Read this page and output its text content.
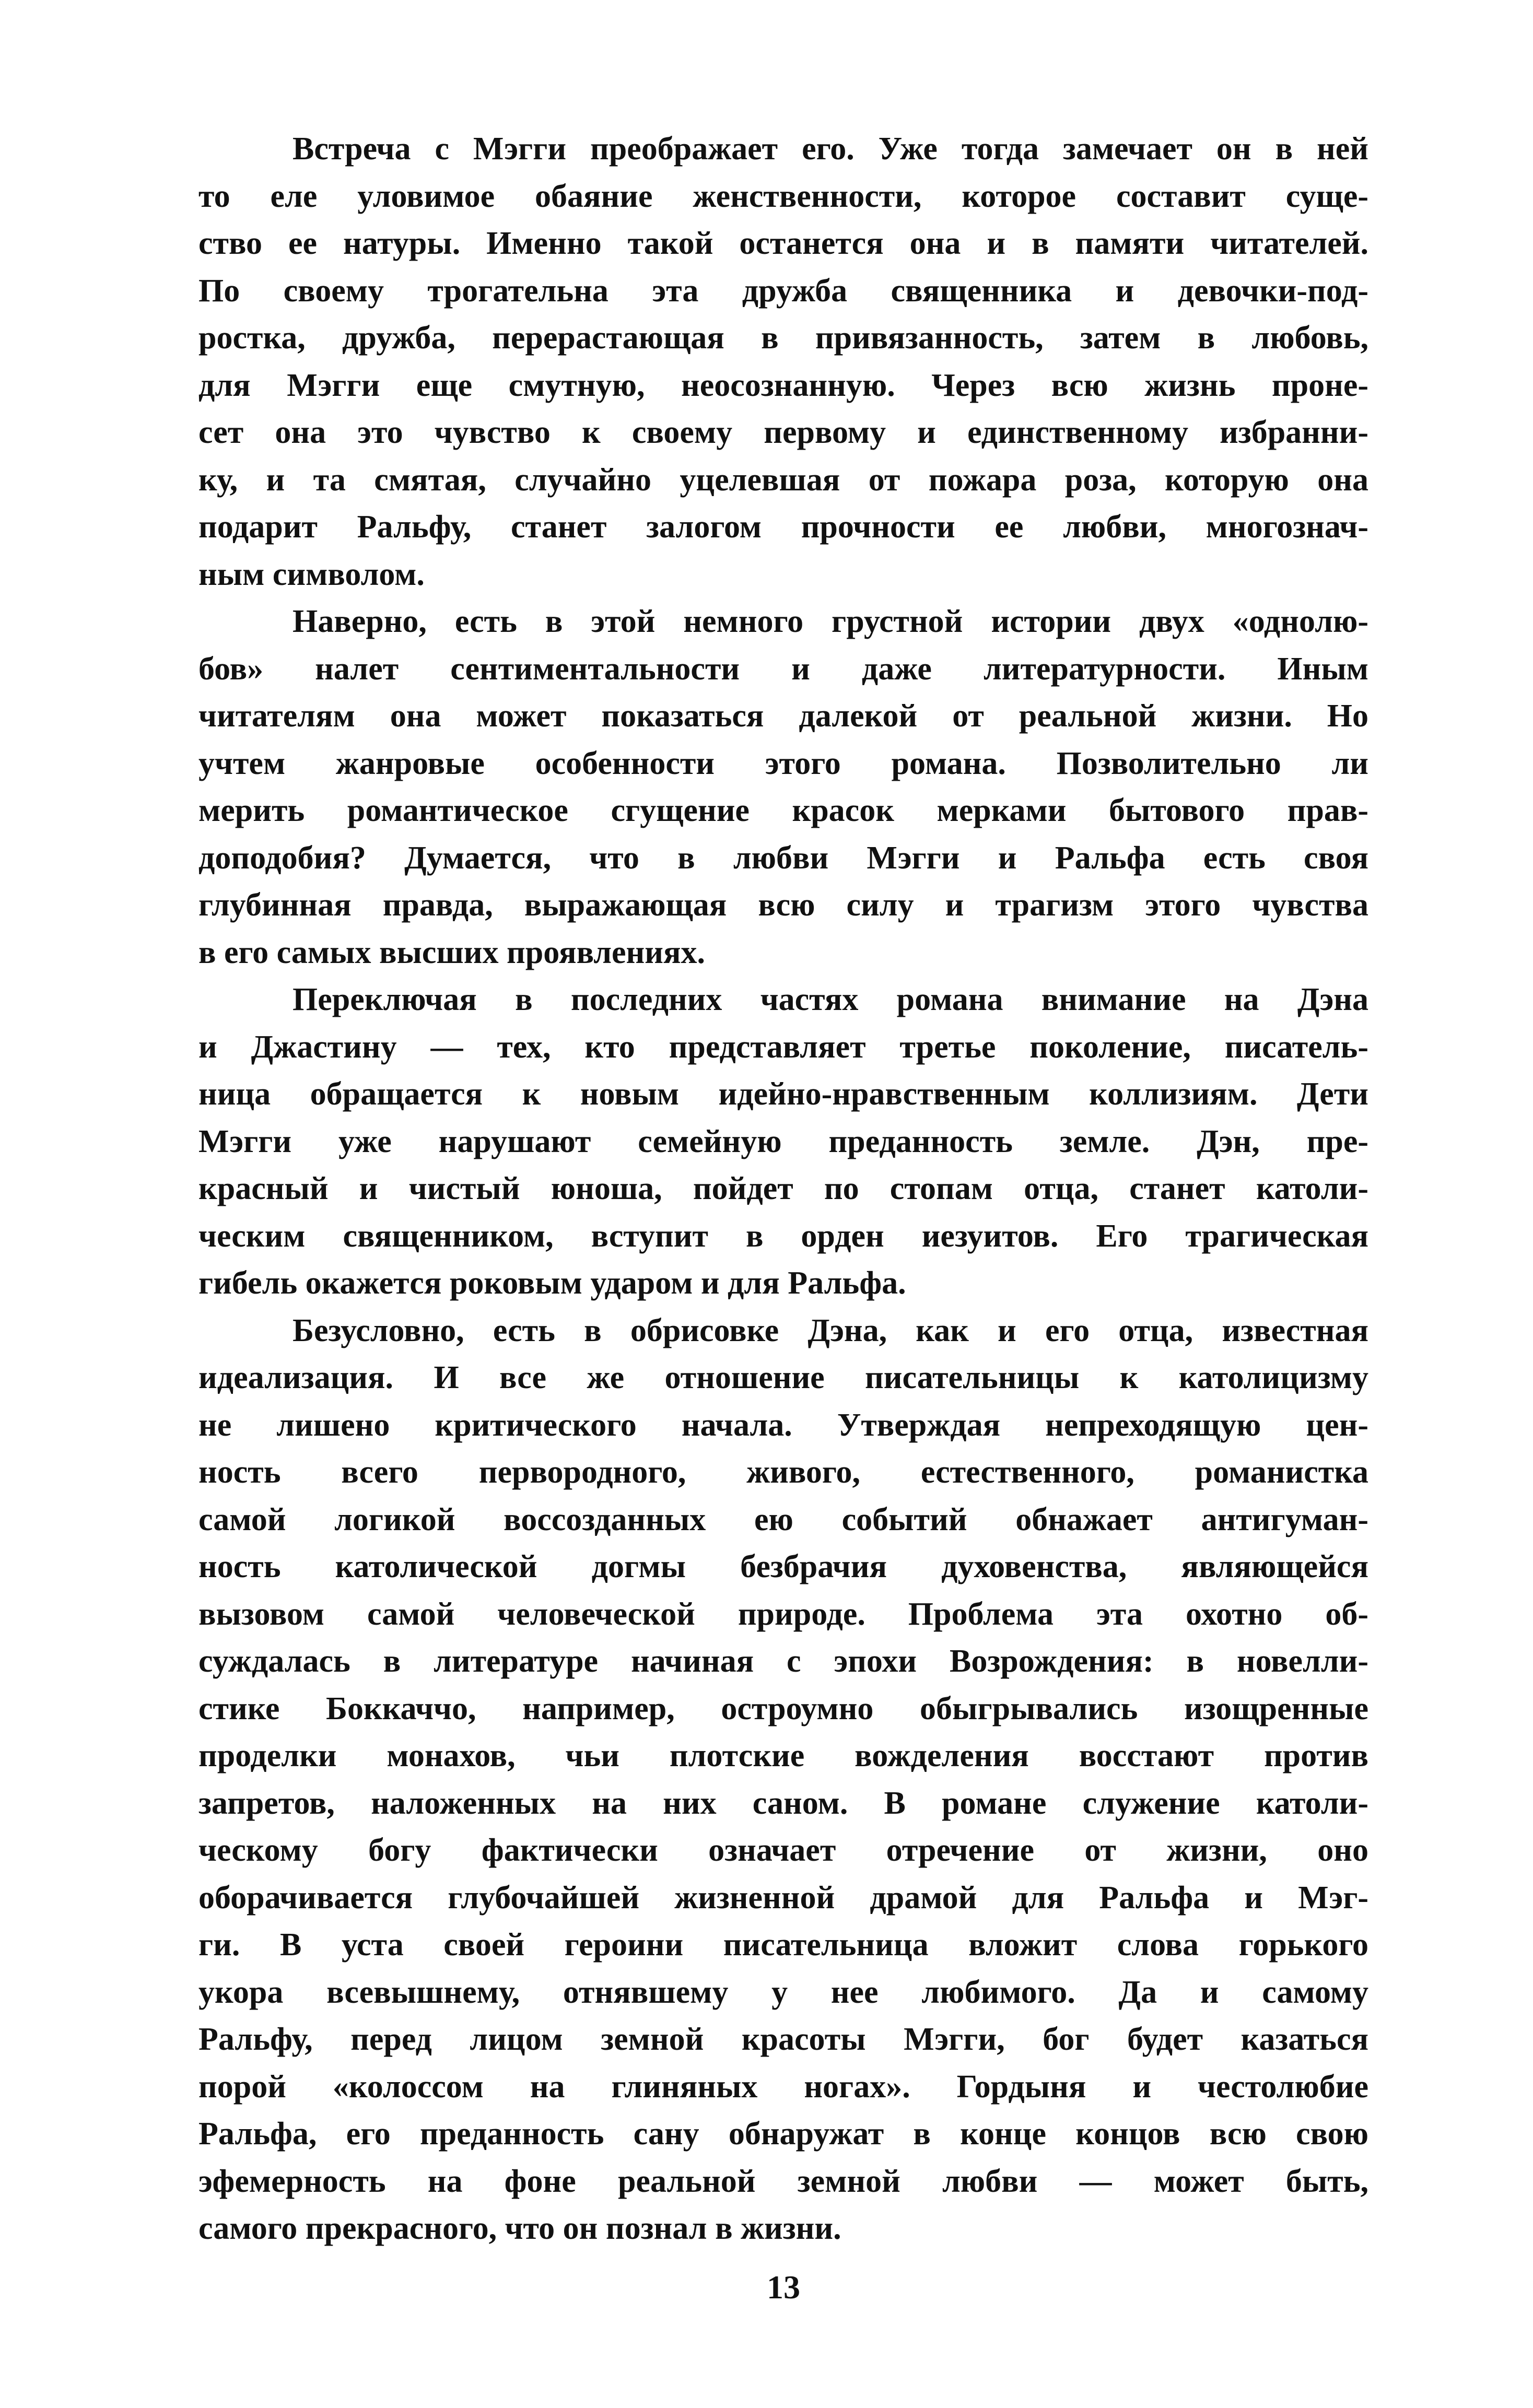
Встреча с Мэгги преображает его. Уже тогда замечает он в ней
то еле уловимое обаяние женственности, которое составит суще-
ство ее натуры. Именно такой останется она и в памяти читателей.
По своему трогательна эта дружба священника и девочки-под-
ростка, дружба, перерастающая в привязанность, затем в любовь,
для Мэгги еще смутную, неосознанную. Через всю жизнь проне-
сет она это чувство к своему первому и единственному избранни-
ку, и та смятая, случайно уцелевшая от пожара роза, которую она
подарит Ральфу, станет залогом прочности ее любви, многознач-
ным символом.
Наверно, есть в этой немного грустной истории двух «однолю-
бов» налет сентиментальности и даже литературности. Иным
читателям она может показаться далекой от реальной жизни. Но
учтем жанровые особенности этого романа. Позволительно ли
мерить романтическое сгущение красок мерками бытового прав-
доподобия? Думается, что в любви Мэгги и Ральфа есть своя
глубинная правда, выражающая всю силу и трагизм этого чувства
в его самых высших проявлениях.
Переключая в последних частях романа внимание на Дэна
и Джастину — тех, кто представляет третье поколение, писатель-
ница обращается к новым идейно-нравственным коллизиям. Дети
Мэгги уже нарушают семейную преданность земле. Дэн, пре-
красный и чистый юноша, пойдет по стопам отца, станет католи-
ческим священником, вступит в орден иезуитов. Его трагическая
гибель окажется роковым ударом и для Ральфа.
Безусловно, есть в обрисовке Дэна, как и его отца, известная
идеализация. И все же отношение писательницы к католицизму
не лишено критического начала. Утверждая непреходящую цен-
ность всего первородного, живого, естественного, романистка
самой логикой воссозданных ею событий обнажает антигуман-
ность католической догмы безбрачия духовенства, являющейся
вызовом самой человеческой природе. Проблема эта охотно об-
суждалась в литературе начиная с эпохи Возрождения: в новелли-
стике Боккаччо, например, остроумно обыгрывались изощренные
проделки монахов, чьи плотские вожделения восстают против
запретов, наложенных на них саном. В романе служение католи-
ческому богу фактически означает отречение от жизни, оно
оборачивается глубочайшей жизненной драмой для Ральфа и Мэг-
ги. В уста своей героини писательница вложит слова горького
укора всевышнему, отнявшему у нее любимого. Да и самому
Ральфу, перед лицом земной красоты Мэгги, бог будет казаться
порой «колоссом на глиняных ногах». Гордыня и честолюбие
Ральфа, его преданность сану обнаружат в конце концов всю свою
эфемерность на фоне реальной земной любви — может быть,
самого прекрасного, что он познал в жизни.
13
